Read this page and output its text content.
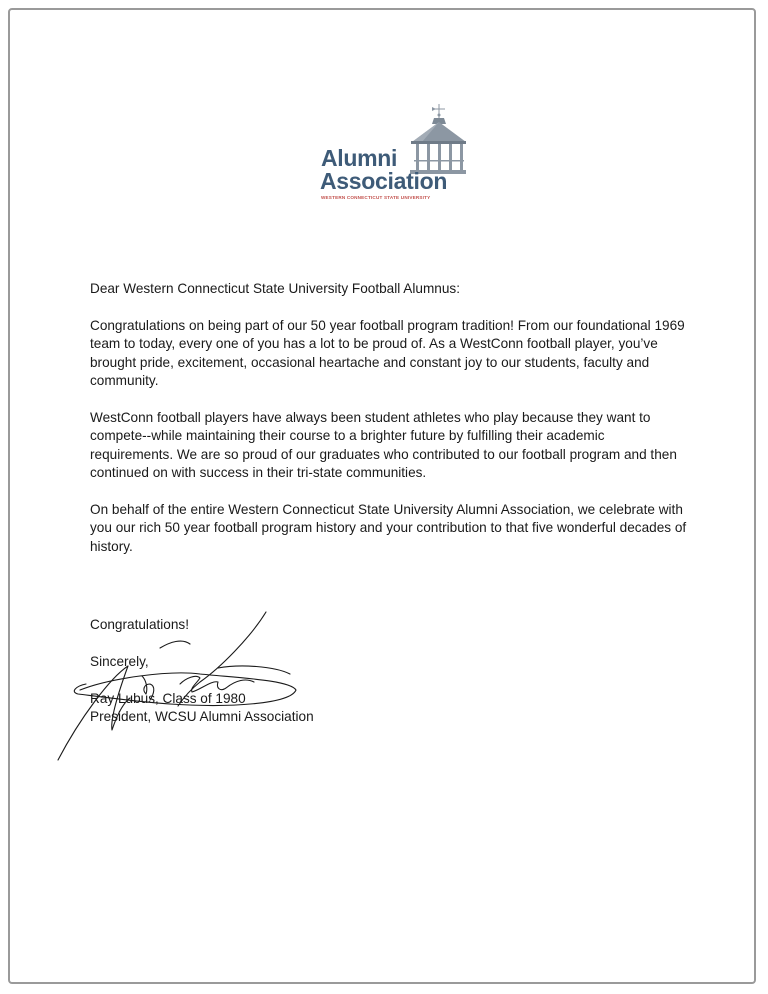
Alumni
Association
WESTERN CONNECTICUT STATE UNIVERSITY

Dear Western Connecticut State University Football Alumnus:

Congratulations on being part of our 50 year football program tradition! From our foundational 1969 team to today, every one of you has a lot to be proud of. As a WestConn football player, you’ve brought pride, excitement, occasional heartache and constant joy to our students, faculty and community.

WestConn football players have always been student athletes who play because they want to compete--while maintaining their course to a brighter future by fulfilling their academic requirements. We are so proud of our graduates who contributed to our football program and then continued on with success in their tri-state communities.

On behalf of the entire Western Connecticut State University Alumni Association, we celebrate with you our rich 50 year football program history and your contribution to that five wonderful decades of history.

Congratulations!
Sincerely,
Ray Lubus, Class of 1980
President, WCSU Alumni Association
